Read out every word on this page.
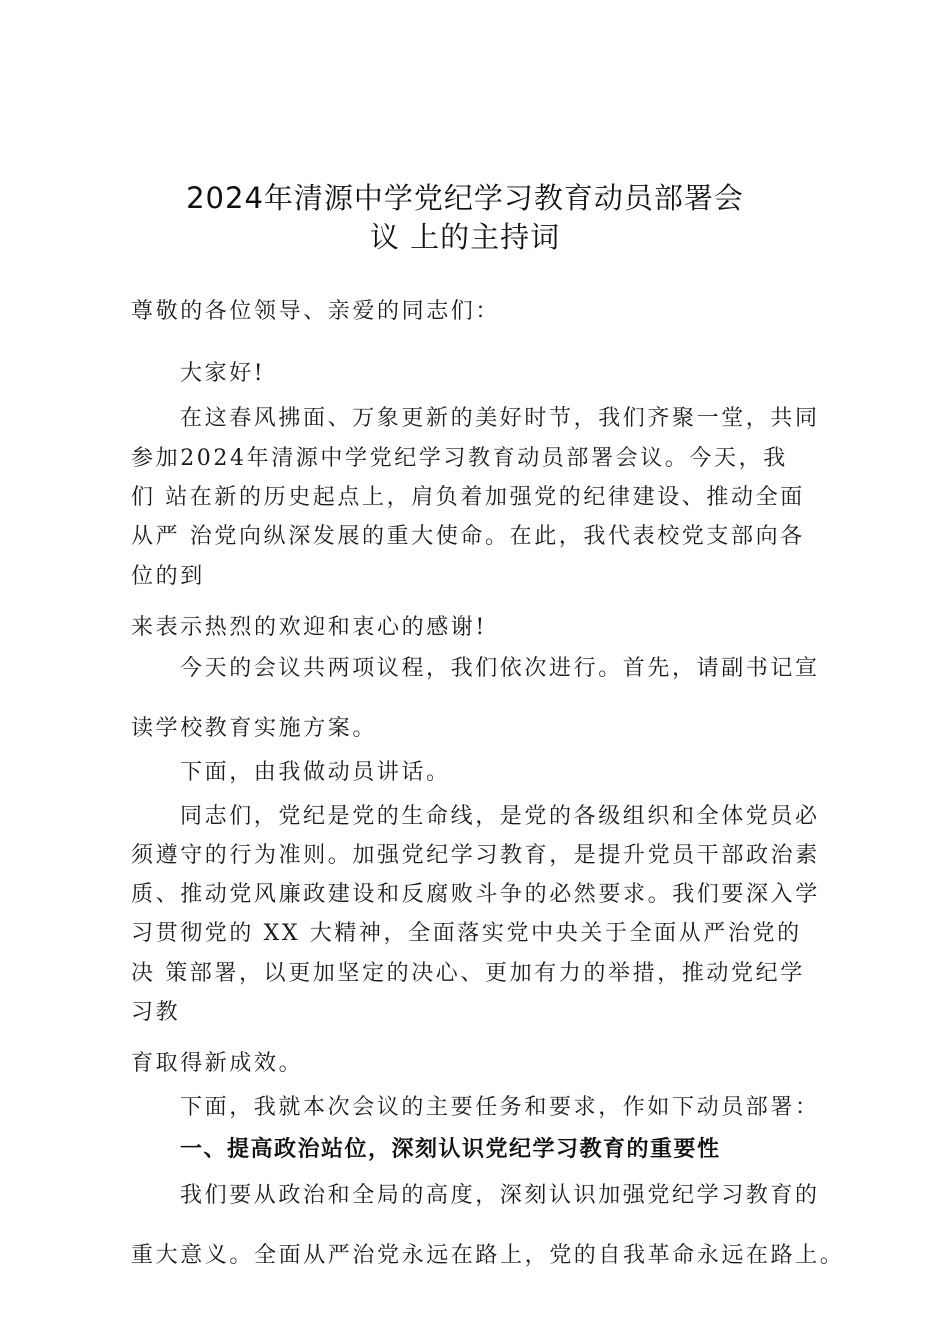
2024年清源中学党纪学习教育动员部署会
议 上的主持词
尊敬的各位领导、亲爱的同志们：
大家好!
在这春风拂面、万象更新的美好时节，我们齐聚一堂，共同
参加2024年清源中学党纪学习教育动员部署会议。今天，我
们 站在新的历史起点上，肩负着加强党的纪律建设、推动全面
从严 治党向纵深发展的重大使命。在此，我代表校党支部向各
位的到
来表示热烈的欢迎和衷心的感谢!
今天的会议共两项议程，我们依次进行。首先，请副书记宣
读学校教育实施方案。
下面，由我做动员讲话。
同志们，党纪是党的生命线，是党的各级组织和全体党员必
须遵守的行为准则。加强党纪学习教育，是提升党员干部政治素
质、推动党风廉政建设和反腐败斗争的必然要求。我们要深入学
习贯彻党的 XX 大精神，全面落实党中央关于全面从严治党的
决 策部署，以更加坚定的决心、更加有力的举措，推动党纪学
习教
育取得新成效。
下面，我就本次会议的主要任务和要求，作如下动员部署：
一、提高政治站位，深刻认识党纪学习教育的重要性
我们要从政治和全局的高度，深刻认识加强党纪学习教育的
重大意义。全面从严治党永远在路上，党的自我革命永远在路上。
